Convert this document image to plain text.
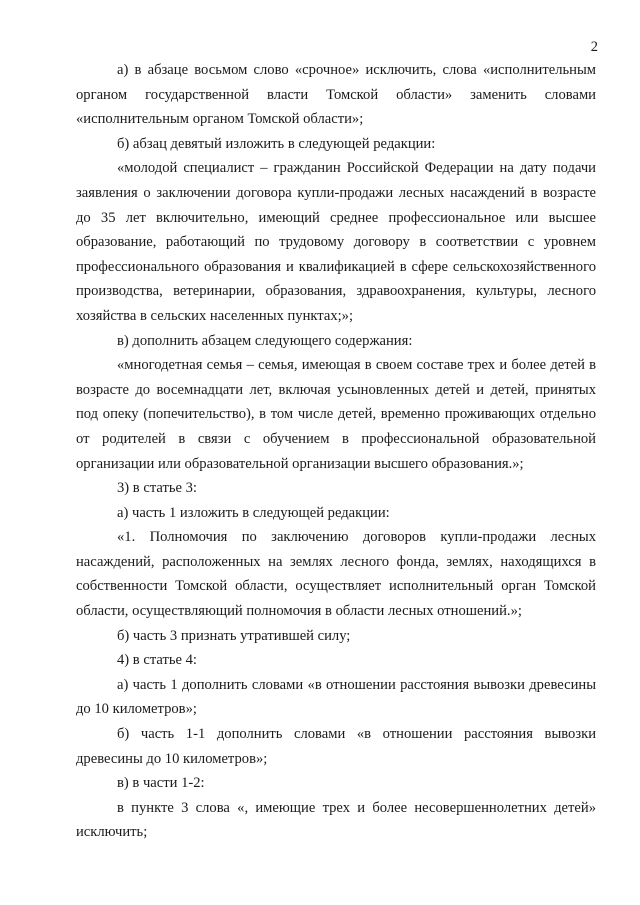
2

а) в абзаце восьмом слово «срочное» исключить, слова «исполнительным органом государственной власти Томской области» заменить словами «исполнительным органом Томской области»;

б) абзац девятый изложить в следующей редакции:

«молодой специалист – гражданин Российской Федерации на дату подачи заявления о заключении договора купли-продажи лесных насаждений в возрасте до 35 лет включительно, имеющий среднее профессиональное или высшее образование, работающий по трудовому договору в соответствии с уровнем профессионального образования и квалификацией в сфере сельскохозяйственного производства, ветеринарии, образования, здравоохранения, культуры, лесного хозяйства в сельских населенных пунктах;»;

в) дополнить абзацем следующего содержания:

«многодетная семья – семья, имеющая в своем составе трех и более детей в возрасте до восемнадцати лет, включая усыновленных детей и детей, принятых под опеку (попечительство), в том числе детей, временно проживающих отдельно от родителей в связи с обучением в профессиональной образовательной организации или образовательной организации высшего образования.»;

3) в статье 3:

а) часть 1 изложить в следующей редакции:

«1. Полномочия по заключению договоров купли-продажи лесных насаждений, расположенных на землях лесного фонда, землях, находящихся в собственности Томской области, осуществляет исполнительный орган Томской области, осуществляющий полномочия в области лесных отношений.»;

б) часть 3 признать утратившей силу;

4) в статье 4:

а) часть 1 дополнить словами «в отношении расстояния вывозки древесины до 10 километров»;

б) часть 1-1 дополнить словами «в отношении расстояния вывозки древесины до 10 километров»;

в) в части 1-2:

в пункте 3 слова «, имеющие трех и более несовершеннолетних детей» исключить;
